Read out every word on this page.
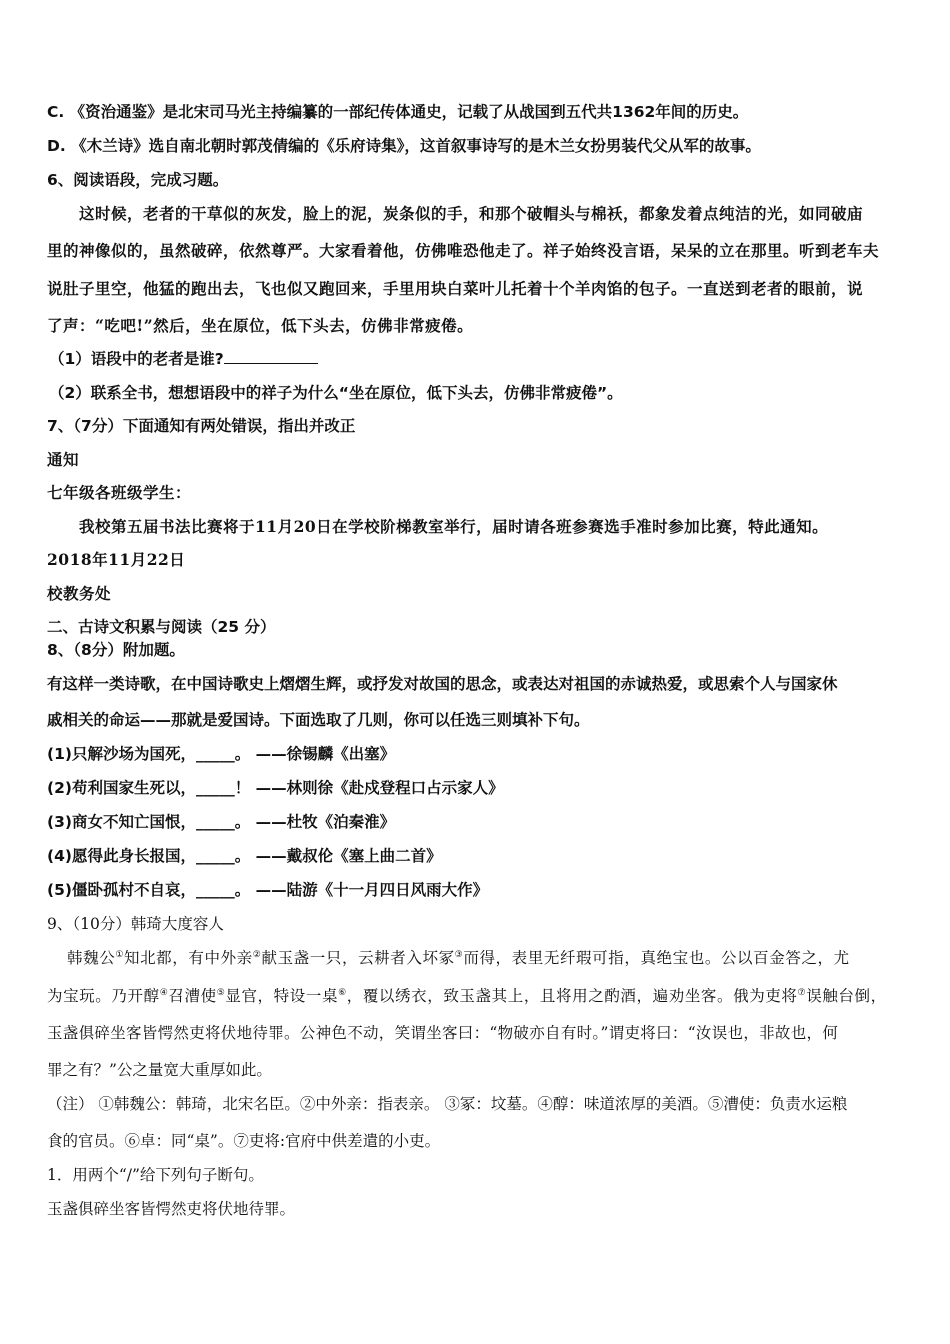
C. 《资治通鉴》是北宋司马光主持编纂的一部纪传体通史，记载了从战国到五代共1362年间的历史。
D. 《木兰诗》选自南北朝时郭茂倩编的《乐府诗集》，这首叙事诗写的是木兰女扮男装代父从军的故事。
6、阅读语段，完成习题。
这时候，老者的干草似的灰发，脸上的泥，炭条似的手，和那个破帽头与棉袄，都象发着点纯洁的光，如同破庙
里的神像似的，虽然破碎，依然尊严。大家看着他，仿佛唯恐他走了。祥子始终没言语，呆呆的立在那里。听到老车夫
说肚子里空，他猛的跑出去，飞也似又跑回来，手里用块白菜叶儿托着十个羊肉馅的包子。一直送到老者的眼前，说
了声：“吃吧!”然后，坐在原位，低下头去，仿佛非常疲倦。
（1）语段中的老者是谁?
（2）联系全书，想想语段中的祥子为什么“坐在原位，低下头去，仿佛非常疲倦”。
7、（7分）下面通知有两处错误，指出并改正
通知
七年级各班级学生：
我校第五届书法比赛将于11月20日在学校阶梯教室举行，届时请各班参赛选手准时参加比赛，特此通知。
2018年11月22日
校教务处
二、古诗文积累与阅读（25 分）
8、（8分）附加题。
有这样一类诗歌，在中国诗歌史上熠熠生辉，或抒发对故国的思念，或表达对祖国的赤诚热爱，或思索个人与国家休
戚相关的命运——那就是爱国诗。下面选取了几则，你可以任选三则填补下句。
(1)只解沙场为国死，_____。 ——徐锡麟《出塞》
(2)苟利国家生死以，_____！ ——林则徐《赴戍登程口占示家人》
(3)商女不知亡国恨，_____。 ——杜牧《泊秦淮》
(4)愿得此身长报国，_____。 ——戴叔伦《塞上曲二首》
(5)僵卧孤村不自哀，_____。 ——陆游《十一月四日风雨大作》
9、（10分）韩琦大度容人
韩魏公①知北都，有中外亲②献玉盏一只，云耕者入坏冢③而得，表里无纤瑕可指，真绝宝也。公以百金答之，尤
为宝玩。乃开醇④召漕使⑤显官，特设一桌⑥，覆以绣衣，致玉盏其上，且将用之酌酒，遍劝坐客。俄为吏将⑦误触台倒，
玉盏俱碎坐客皆愕然吏将伏地待罪。公神色不动，笑谓坐客曰：“物破亦自有时。”谓吏将曰：“汝误也，非故也，何
罪之有？”公之量宽大重厚如此。
（注） ①韩魏公：韩琦，北宋名臣。②中外亲：指表亲。 ③冢：坟墓。④醇：味道浓厚的美酒。⑤漕使：负责水运粮
食的官员。⑥卓：同“桌”。⑦吏将:官府中供差遣的小吏。
1．用两个“/”给下列句子断句。
玉盏俱碎坐客皆愕然吏将伏地待罪。
